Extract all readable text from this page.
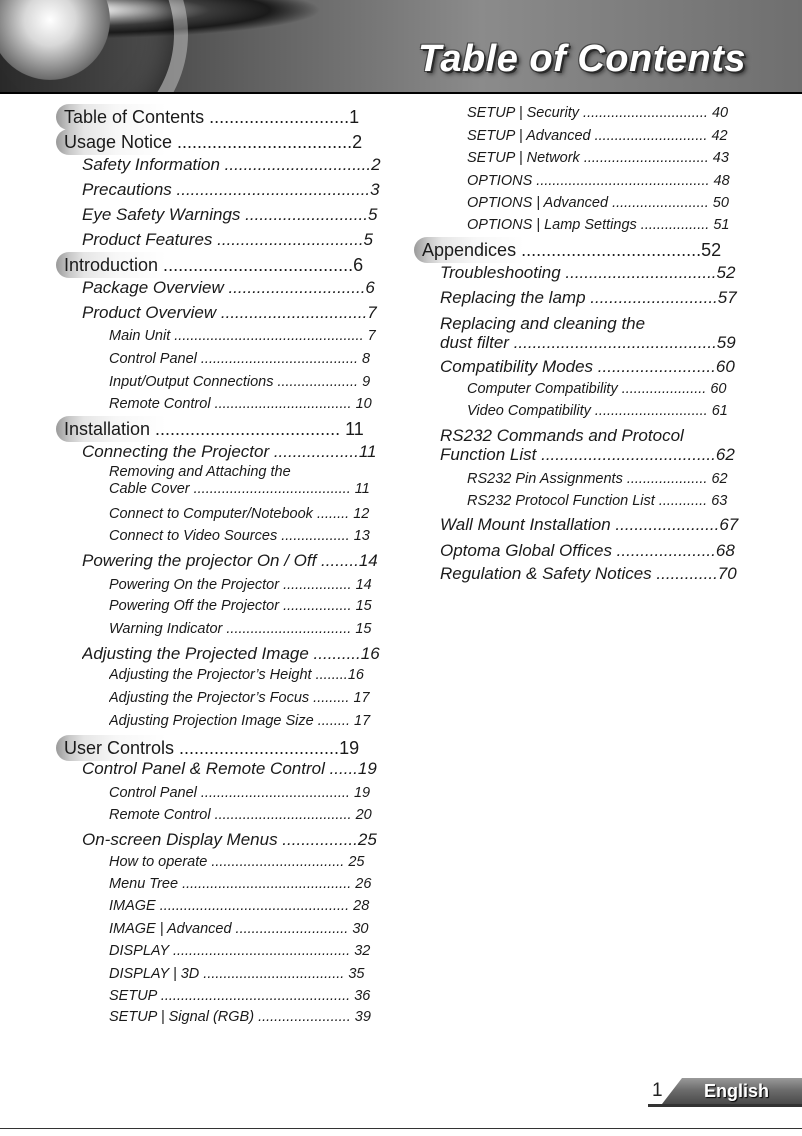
Table of Contents
Table of Contents ............................1
Usage Notice ...................................2
Safety Information ...............................2
Precautions .........................................3
Eye Safety Warnings ..........................5
Product Features ...............................5
Introduction ......................................6
Package Overview .............................6
Product Overview ...............................7
Main Unit ............................................... 7
Control Panel ....................................... 8
Input/Output Connections .................... 9
Remote Control .................................. 10
Installation ..................................... 11
Connecting the Projector ..................11
Removing and Attaching the
Cable Cover ....................................... 11
Connect to Computer/Notebook ........ 12
Connect to Video Sources ................. 13
Powering the projector On / Off ........14
Powering On the Projector ................. 14
Powering Off the Projector ................. 15
Warning Indicator ............................... 15
Adjusting the Projected Image ..........16
Adjusting the Projector’s Height ........16
Adjusting the Projector’s Focus ......... 17
Adjusting Projection Image Size ........ 17
User Controls ................................19
Control Panel & Remote Control ......19
Control Panel ..................................... 19
Remote Control .................................. 20
On-screen Display Menus ................25
How to operate ................................. 25
Menu Tree .......................................... 26
IMAGE ............................................... 28
IMAGE | Advanced ............................ 30
DISPLAY ............................................ 32
DISPLAY | 3D ................................... 35
SETUP ............................................... 36
SETUP | Signal (RGB) ....................... 39
SETUP | Security ............................... 40
SETUP | Advanced ............................ 42
SETUP | Network ............................... 43
OPTIONS ........................................... 48
OPTIONS | Advanced ........................ 50
OPTIONS | Lamp Settings ................. 51
Appendices ....................................52
Troubleshooting ................................52
Replacing the lamp ...........................57
Replacing and cleaning the
dust filter ...........................................59
Compatibility Modes .........................60
Computer Compatibility ..................... 60
Video Compatibility ............................ 61
RS232 Commands and Protocol
Function List .....................................62
RS232 Pin Assignments .................... 62
RS232 Protocol Function List ............ 63
Wall Mount Installation ......................67
Optoma Global Offices .....................68
Regulation & Safety Notices .............70
1 English
